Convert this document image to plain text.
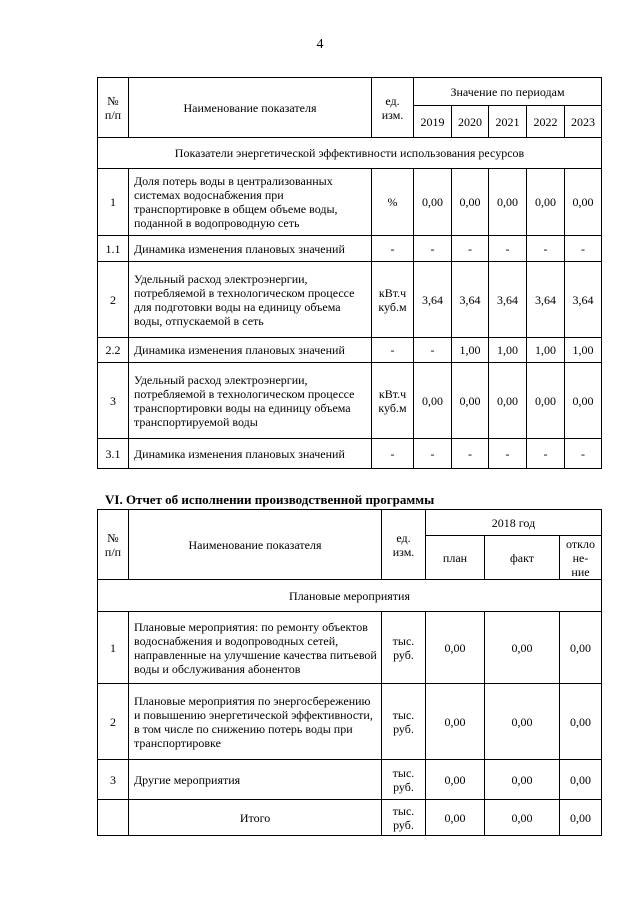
4
№ п/п	Наименование показателя	ед. изм.	Значение по периодам				
			2019	2020	2021	2022	2023
Показатели энергетической эффективности использования ресурсов							
1	Доля потерь воды в централизованных системах водоснабжения при транспортировке в общем объеме воды, поданной в водопроводную сеть	%	0,00	0,00	0,00	0,00	0,00
1.1	Динамика изменения плановых значений	-	-	-	-	-	-
2	Удельный расход электроэнергии, потребляемой в технологическом процессе для подготовки воды на единицу объема воды, отпускаемой в сеть	кВт.ч куб.м	3,64	3,64	3,64	3,64	3,64
2.2	Динамика изменения плановых значений	-	-	1,00	1,00	1,00	1,00
3	Удельный расход электроэнергии, потребляемой в технологическом процессе транспортировки воды на единицу объема транспортируемой воды	кВт.ч куб.м	0,00	0,00	0,00	0,00	0,00
3.1	Динамика изменения плановых значений	-	-	-	-	-	-
VI. Отчет об исполнении производственной программы
№ п/п	Наименование показателя	ед. изм.	2018 год		
			план	факт	откло не- ние
Плановые мероприятия					
1	Плановые мероприятия: по ремонту объектов водоснабжения и водопроводных сетей, направленные на улучшение качества питьевой воды и обслуживания абонентов	тыс. руб.	0,00	0,00	0,00
2	Плановые мероприятия по энергосбережению и повышению энергетической эффективности, в том числе по снижению потерь воды при транспортировке	тыс. руб.	0,00	0,00	0,00
3	Другие мероприятия	тыс. руб.	0,00	0,00	0,00
	Итого	тыс. руб.	0,00	0,00	0,00
